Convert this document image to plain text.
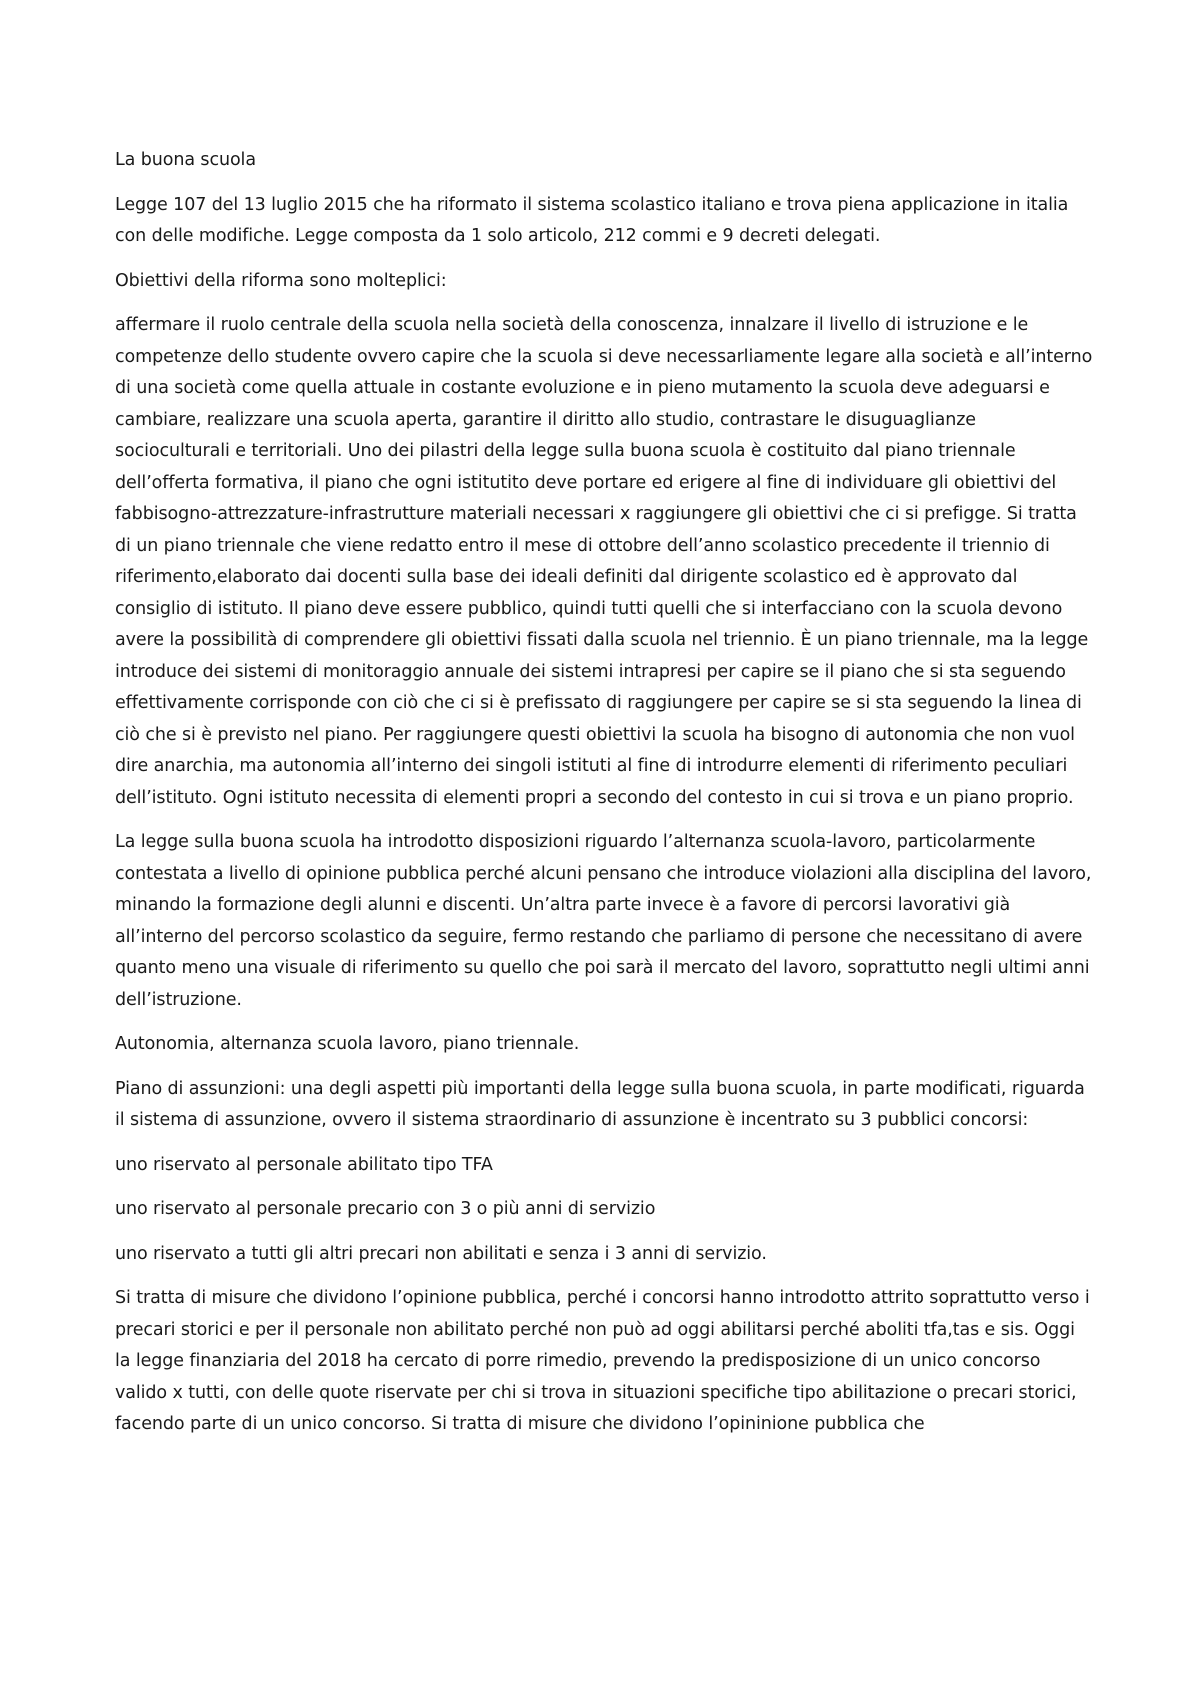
La buona scuola

Legge 107 del 13 luglio 2015 che ha riformato il sistema scolastico italiano e trova piena applicazione in italia con delle modifiche. Legge composta da 1 solo articolo, 212 commi e 9 decreti delegati.

Obiettivi della riforma sono molteplici:

affermare il ruolo centrale della scuola nella società della conoscenza, innalzare il livello di istruzione e le competenze dello studente ovvero capire che la scuola si deve necessarliamente legare alla società e all’interno di una società come quella attuale in costante evoluzione e in pieno mutamento la scuola deve adeguarsi e cambiare, realizzare una scuola aperta, garantire il diritto allo studio, contrastare le disuguaglianze socioculturali e territoriali. Uno dei pilastri della legge sulla buona scuola è costituito dal piano triennale dell’offerta formativa, il piano che ogni istitutito deve portare ed erigere al fine di individuare gli obiettivi del fabbisogno-attrezzature-infrastrutture materiali necessari x raggiungere gli obiettivi che ci si prefigge. Si tratta di un piano triennale che viene redatto entro il mese di ottobre dell’anno scolastico precedente il triennio di riferimento,elaborato dai docenti sulla base dei ideali definiti dal dirigente scolastico ed è approvato dal consiglio di istituto. Il piano deve essere pubblico, quindi tutti quelli che si interfacciano con la scuola devono avere la possibilità di comprendere gli obiettivi fissati dalla scuola nel triennio. È un piano triennale, ma la legge introduce dei sistemi di monitoraggio annuale dei sistemi intrapresi per capire se il piano che si sta seguendo effettivamente corrisponde con ciò che ci si è prefissato di raggiungere per capire se si sta seguendo la linea di ciò che si è previsto nel piano. Per raggiungere questi obiettivi la scuola ha bisogno di autonomia che non vuol dire anarchia, ma autonomia all’interno dei singoli istituti al fine di introdurre elementi di riferimento peculiari dell’istituto. Ogni istituto necessita di elementi propri a secondo del contesto in cui si trova e un piano proprio.

La legge sulla buona scuola ha introdotto disposizioni riguardo l’alternanza scuola-lavoro, particolarmente contestata a livello di opinione pubblica perché alcuni pensano che introduce violazioni alla disciplina del lavoro, minando la formazione degli alunni e discenti. Un’altra parte invece è a favore di percorsi lavorativi già all’interno del percorso scolastico da seguire, fermo restando che parliamo di persone che necessitano di avere quanto meno una visuale di riferimento su quello che poi sarà il mercato del lavoro, soprattutto negli ultimi anni dell’istruzione.

Autonomia, alternanza scuola lavoro, piano triennale.

Piano di assunzioni: una degli aspetti più importanti della legge sulla buona scuola, in parte modificati, riguarda il sistema di assunzione, ovvero il sistema straordinario di assunzione è incentrato su 3 pubblici concorsi:

uno riservato al personale abilitato tipo TFA

uno riservato al personale precario con 3 o più anni di servizio

uno riservato a tutti gli altri precari non abilitati e senza i 3 anni di servizio.

Si tratta di misure che dividono l’opinione pubblica, perché i concorsi hanno introdotto attrito soprattutto verso i precari storici e per il personale non abilitato perché non può ad oggi abilitarsi perché aboliti tfa,tas e sis. Oggi la legge finanziaria del 2018 ha cercato di porre rimedio, prevendo la predisposizione di un unico concorso valido x tutti, con delle quote riservate per chi si trova in situazioni specifiche tipo abilitazione o precari storici, facendo parte di un unico concorso. Si tratta di misure che dividono l’opininione pubblica che
